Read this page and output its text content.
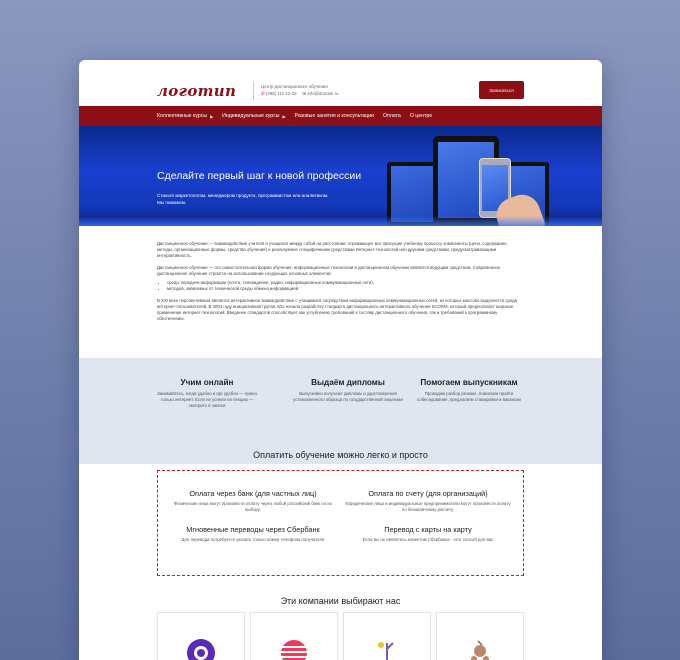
логотип	Центр дистанционного обучения
✆ (495) 111 22-33 ✉ info@domain.ru
Записаться
Коллективные курсы ▶ Индивидуальные курсы ▶ Разовые занятия и консультации Оплата О центре
Сделайте первый шаг к новой профессии
Станьте маркетологом, менеджером продукта, программистом или аналитиком.
Мы поможем.

Дистанционное обучение — взаимодействие учителя и учащихся между собой на расстоянии, отражающее все присущие учебному процессу компоненты (цели, содержание, методы, организационные формы, средства обучения) и реализуемое специфичными средствами Интернет-технологий или другими средствами, предусматривающими интерактивность.

Дистанционное обучение — это самостоятельная форма обучения, информационные технологии в дистанционном обучении являются ведущим средством. Современное дистанционное обучение строится на использовании следующих основных элементов:

• среды передачи информации (почта, телевидение, радио, информационные коммуникационные сети),
• методов, зависимых от технической среды обмена информацией.

В XXI веке перспективным является интерактивное взаимодействие с учащимися посредством информационных коммуникационных сетей, из которых массово выделяется среда интернет-пользователей. В 2003 году инициативная группа ADL начала разработку стандарта дистанционного интерактивного обучения SCORM, который предполагает широкое применение интернет-технологий. Введение стандартов способствует как углублению требований к составу дистанционного обучения, так и требований к программному обеспечению.

Учим онлайн
Занимайтесь, когда удобно и где удобно — нужен только интернет. Если не успели на лекцию — смотрите в записи
Выдаём дипломы
Выпускники получают дипломы и удостоверения установленного образца по государственной лицензии
Помогаем выпускникам
Проводим разбор резюме, помогаем пройти собеседование, предлагаем стажировки и вакансии
Оплатить обучение можно легко и просто
Оплата через банк (для частных лиц)
Физические лица могут произвести оплату через любой российский банк по их выбору.
Оплата по счету (для организаций)
Юридические лица и индивидуальные предприниматели могут произвести оплату по безналичному расчету.
Мгновенные переводы через Сбербанк
Для перевода потребуется указать только номер телефона получателя
Перевод с карты на карту
Если вы не являетесь клиентом Сбербанка - этот способ для вас
Эти компании выбирают нас
